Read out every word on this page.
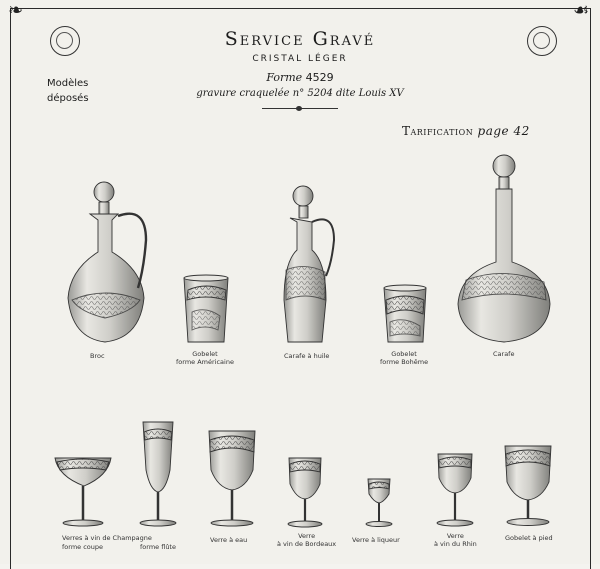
❧	☙
Service Gravé
CRISTAL LÉGER
Forme 4529
gravure craquelée n° 5204 dite Louis XV
Modèles
déposés
Tarification page 42
Broc	Gobelet
forme Américaine
Carafe à huile	Gobelet
forme Bohême
Carafe
Verres à vin de Champagne
forme coupe	forme flûte
Verre à eau	Verre
à vin de Bordeaux Verre à liqueur	Verre
à vin du Rhin
Gobelet à pied
